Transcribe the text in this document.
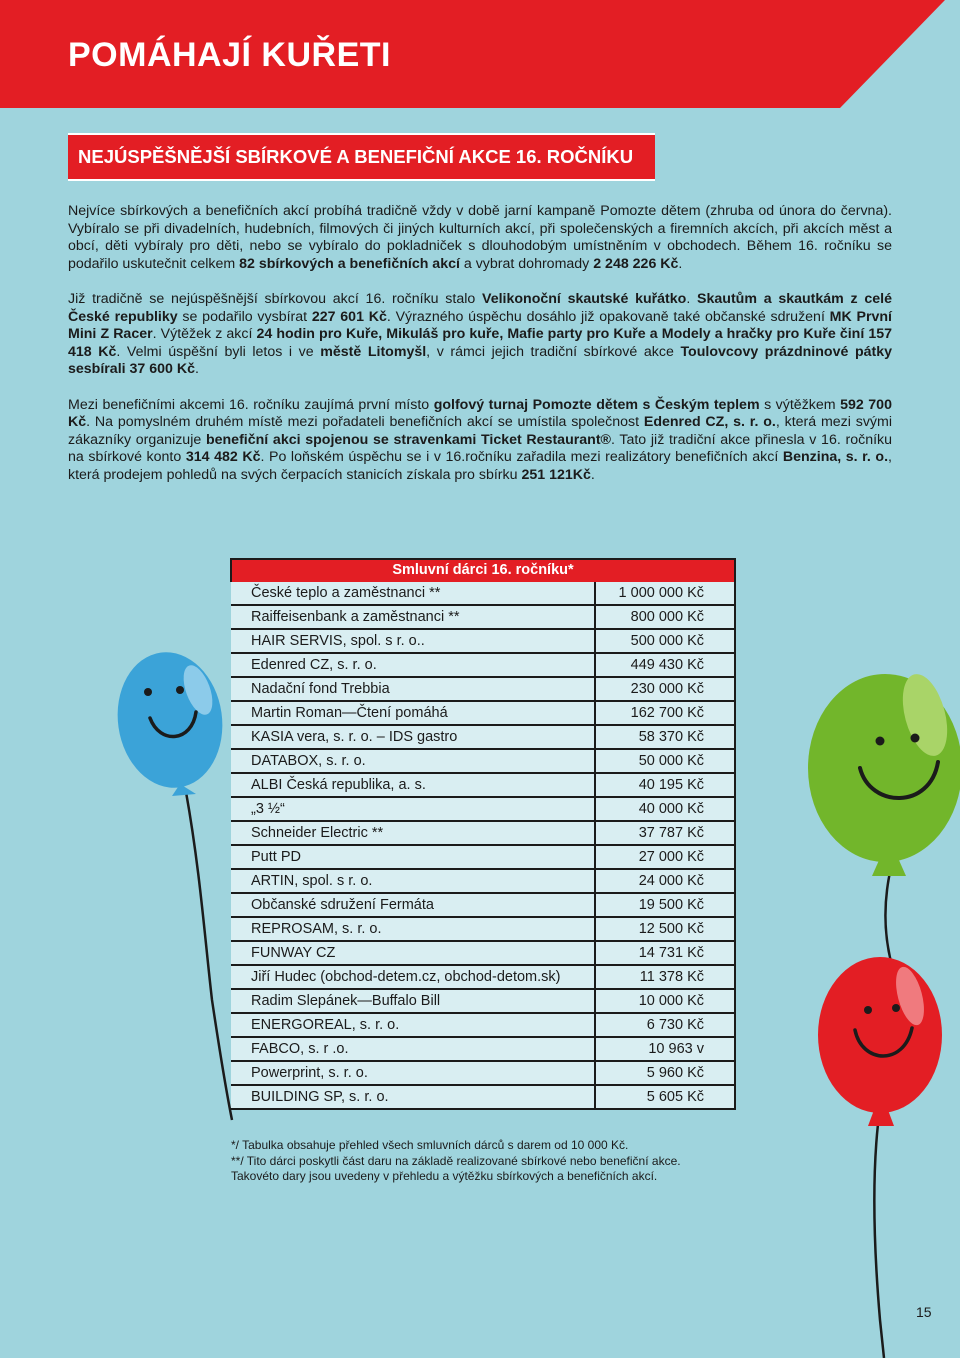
POMÁHAJÍ KUŘETI
NEJÚSPĚŠNĚJŠÍ SBÍRKOVÉ A BENEFIČNÍ AKCE 16. ROČNÍKU

Nejvíce sbírkových a benefičních akcí probíhá tradičně vždy v době jarní kampaně Pomozte dětem (zhruba od února do června). Vybíralo se při divadelních, hudebních, filmových či jiných kulturních akcí, při společenských a firemních akcích, při akcích měst a obcí, děti vybíraly pro děti, nebo se vybíralo do pokladniček s dlouhodobým umístněním v obchodech. Během 16. ročníku se podařilo uskutečnit celkem 82 sbírkových a benefičních akcí a vybrat dohromady 2 248 226 Kč.

Již tradičně se nejúspěšnější sbírkovou akcí 16. ročníku stalo Velikonoční skautské kuřátko. Skautům a skautkám z celé České republiky se podařilo vysbírat 227 601 Kč. Výrazného úspěchu dosáhlo již opakovaně také občanské sdružení MK První Mini Z Racer. Výtěžek z akcí 24 hodin pro Kuře, Mikuláš pro kuře, Mafie party pro Kuře a Modely a hračky pro Kuře činí 157 418 Kč. Velmi úspěšní byli letos i ve městě Litomyšl, v rámci jejich tradiční sbírkové akce Toulovcovy prázdninové pátky sesbírali 37 600 Kč.

Mezi benefičními akcemi 16. ročníku zaujímá první místo golfový turnaj Pomozte dětem s Českým teplem s výtěžkem 592 700 Kč. Na pomyslném druhém místě mezi pořadateli benefičních akcí se umístila společnost Edenred CZ, s. r. o., která mezi svými zákazníky organizuje benefiční akci spojenou se stravenkami Ticket Restaurant®. Tato již tradiční akce přinesla v 16. ročníku na sbírkové konto 314 482 Kč. Po loňském úspěchu se i v 16.ročníku zařadila mezi realizátory benefičních akcí Benzina, s. r. o., která prodejem pohledů na svých čerpacích stanicích získala pro sbírku 251 121Kč.

Smluvní dárci 16. ročníku*	
České teplo a zaměstnanci **	1 000 000 Kč
Raiffeisenbank a zaměstnanci **	800 000 Kč
HAIR SERVIS, spol. s r. o..	500 000 Kč
Edenred CZ, s. r. o.	449 430 Kč
Nadační fond Trebbia	230 000 Kč
Martin Roman—Čtení pomáhá	162 700 Kč
KASIA vera, s. r. o. – IDS gastro	58 370 Kč
DATABOX, s. r. o.	50 000 Kč
ALBI Česká republika, a. s.	40 195 Kč
„3 ½“	40 000 Kč
Schneider Electric **	37 787 Kč
Putt PD	27 000 Kč
ARTIN, spol. s r. o.	24 000 Kč
Občanské sdružení Fermáta	19 500 Kč
REPROSAM, s. r. o.	12 500 Kč
FUNWAY CZ	14 731 Kč
Jiří Hudec (obchod-detem.cz, obchod-detom.sk)	11 378 Kč
Radim Slepánek—Buffalo Bill	10 000 Kč
ENERGOREAL, s. r. o.	6 730 Kč
FABCO, s. r .o.	10 963 v
Powerprint, s. r. o.	5 960 Kč
BUILDING SP, s. r. o.	5 605 Kč

*/ Tabulka obsahuje přehled všech smluvních dárců s darem od 10 000 Kč.

**/ Tito dárci poskytli část daru na základě realizované sbírkové nebo benefiční akce.

Takovéto dary jsou uvedeny v přehledu a výtěžku sbírkových a benefičních akcí.

15
